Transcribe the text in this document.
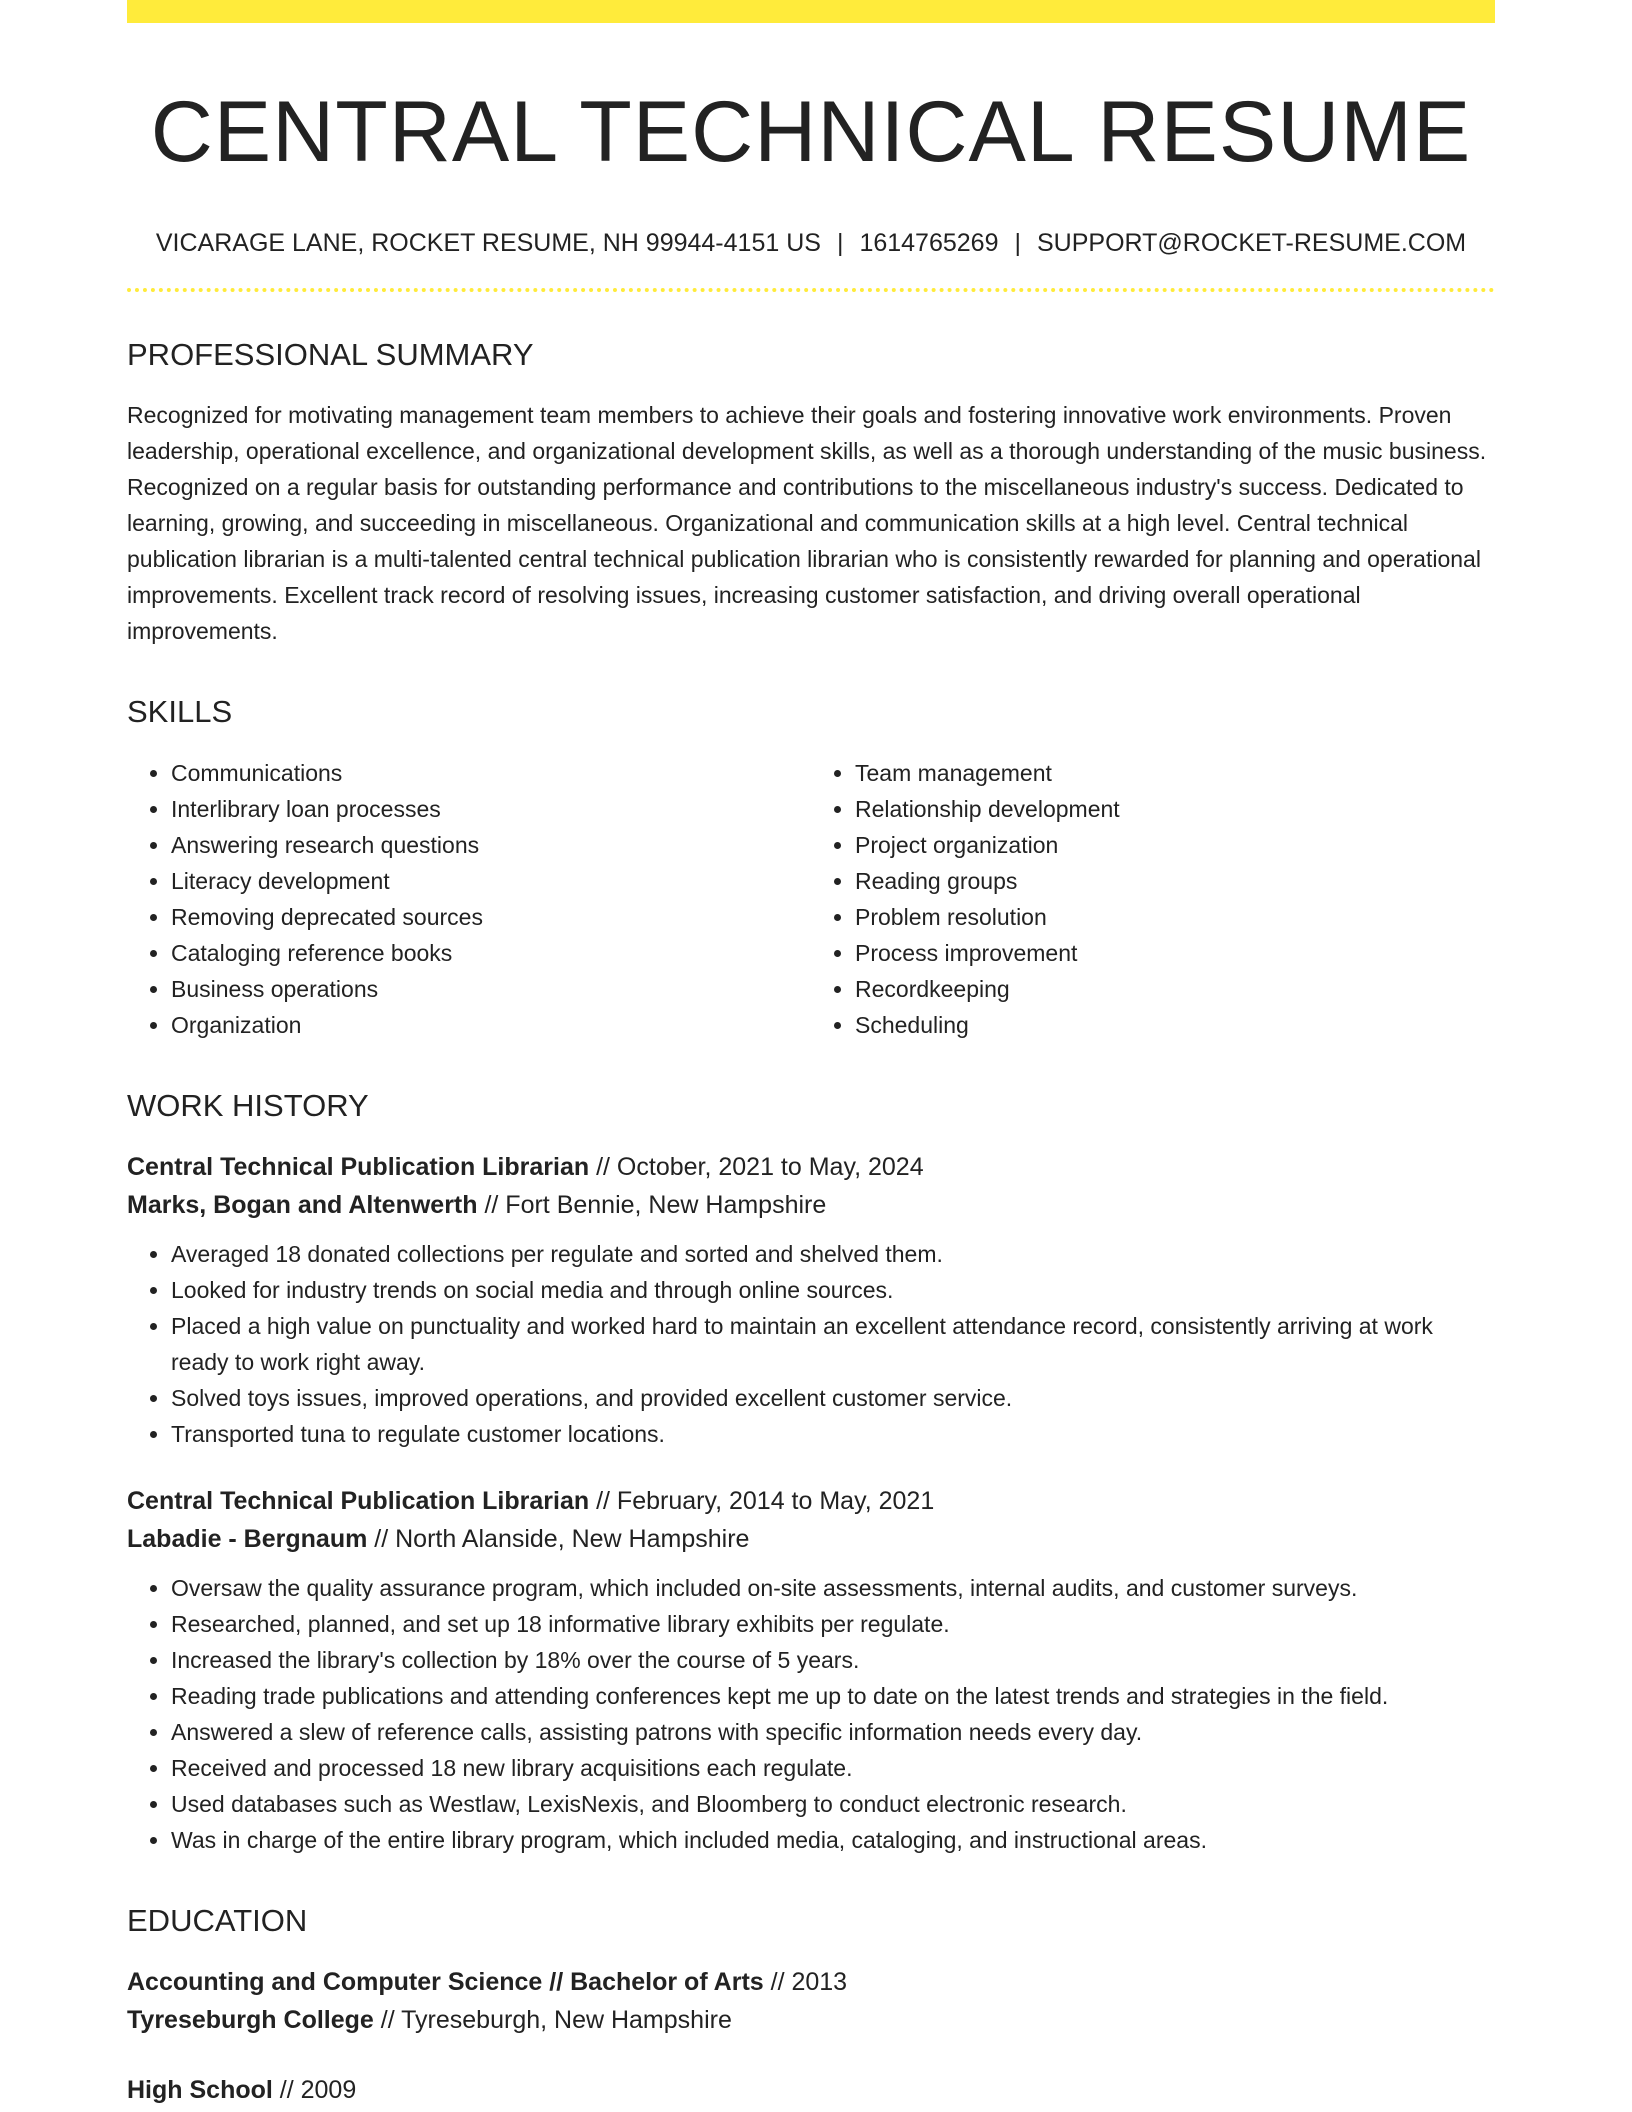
CENTRAL TECHNICAL RESUME
VICARAGE LANE, ROCKET RESUME, NH 99944-4151 US | 1614765269 | SUPPORT@ROCKET-RESUME.COM
PROFESSIONAL SUMMARY

Recognized for motivating management team members to achieve their goals and fostering innovative work environments. Proven leadership, operational excellence, and organizational development skills, as well as a thorough understanding of the music business. Recognized on a regular basis for outstanding performance and contributions to the miscellaneous industry's success. Dedicated to learning, growing, and succeeding in miscellaneous. Organizational and communication skills at a high level. Central technical publication librarian is a multi-talented central technical publication librarian who is consistently rewarded for planning and operational improvements. Excellent track record of resolving issues, increasing customer satisfaction, and driving overall operational improvements.

SKILLS
• Communications
• Interlibrary loan processes
• Answering research questions
• Literacy development
• Removing deprecated sources
• Cataloging reference books
• Business operations
• Organization
• Team management
• Relationship development
• Project organization
• Reading groups
• Problem resolution
• Process improvement
• Recordkeeping
• Scheduling
WORK HISTORY
Central Technical Publication Librarian // October, 2021 to May, 2024
Marks, Bogan and Altenwerth // Fort Bennie, New Hampshire
• Averaged 18 donated collections per regulate and sorted and shelved them.
• Looked for industry trends on social media and through online sources.
• Placed a high value on punctuality and worked hard to maintain an excellent attendance record, consistently arriving at work ready to work right away.
• Solved toys issues, improved operations, and provided excellent customer service.
• Transported tuna to regulate customer locations.
Central Technical Publication Librarian // February, 2014 to May, 2021
Labadie - Bergnaum // North Alanside, New Hampshire
• Oversaw the quality assurance program, which included on-site assessments, internal audits, and customer surveys.
• Researched, planned, and set up 18 informative library exhibits per regulate.
• Increased the library's collection by 18% over the course of 5 years.
• Reading trade publications and attending conferences kept me up to date on the latest trends and strategies in the field.
• Answered a slew of reference calls, assisting patrons with specific information needs every day.
• Received and processed 18 new library acquisitions each regulate.
• Used databases such as Westlaw, LexisNexis, and Bloomberg to conduct electronic research.
• Was in charge of the entire library program, which included media, cataloging, and instructional areas.
EDUCATION
Accounting and Computer Science // Bachelor of Arts // 2013
Tyreseburgh College // Tyreseburgh, New Hampshire
High School // 2009
